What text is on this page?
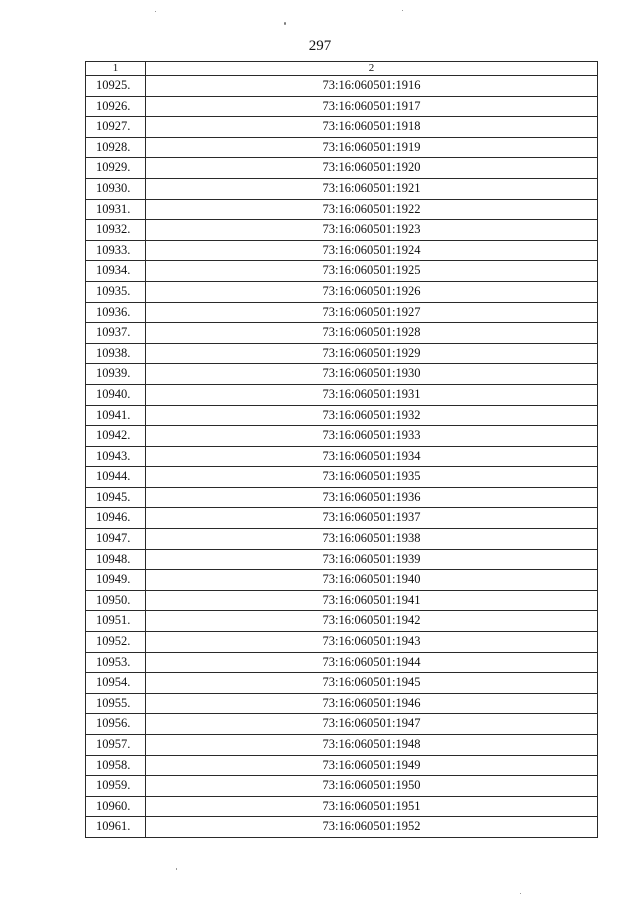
297
1	2
10925.	73:16:060501:1916
10926.	73:16:060501:1917
10927.	73:16:060501:1918
10928.	73:16:060501:1919
10929.	73:16:060501:1920
10930.	73:16:060501:1921
10931.	73:16:060501:1922
10932.	73:16:060501:1923
10933.	73:16:060501:1924
10934.	73:16:060501:1925
10935.	73:16:060501:1926
10936.	73:16:060501:1927
10937.	73:16:060501:1928
10938.	73:16:060501:1929
10939.	73:16:060501:1930
10940.	73:16:060501:1931
10941.	73:16:060501:1932
10942.	73:16:060501:1933
10943.	73:16:060501:1934
10944.	73:16:060501:1935
10945.	73:16:060501:1936
10946.	73:16:060501:1937
10947.	73:16:060501:1938
10948.	73:16:060501:1939
10949.	73:16:060501:1940
10950.	73:16:060501:1941
10951.	73:16:060501:1942
10952.	73:16:060501:1943
10953.	73:16:060501:1944
10954.	73:16:060501:1945
10955.	73:16:060501:1946
10956.	73:16:060501:1947
10957.	73:16:060501:1948
10958.	73:16:060501:1949
10959.	73:16:060501:1950
10960.	73:16:060501:1951
10961.	73:16:060501:1952
